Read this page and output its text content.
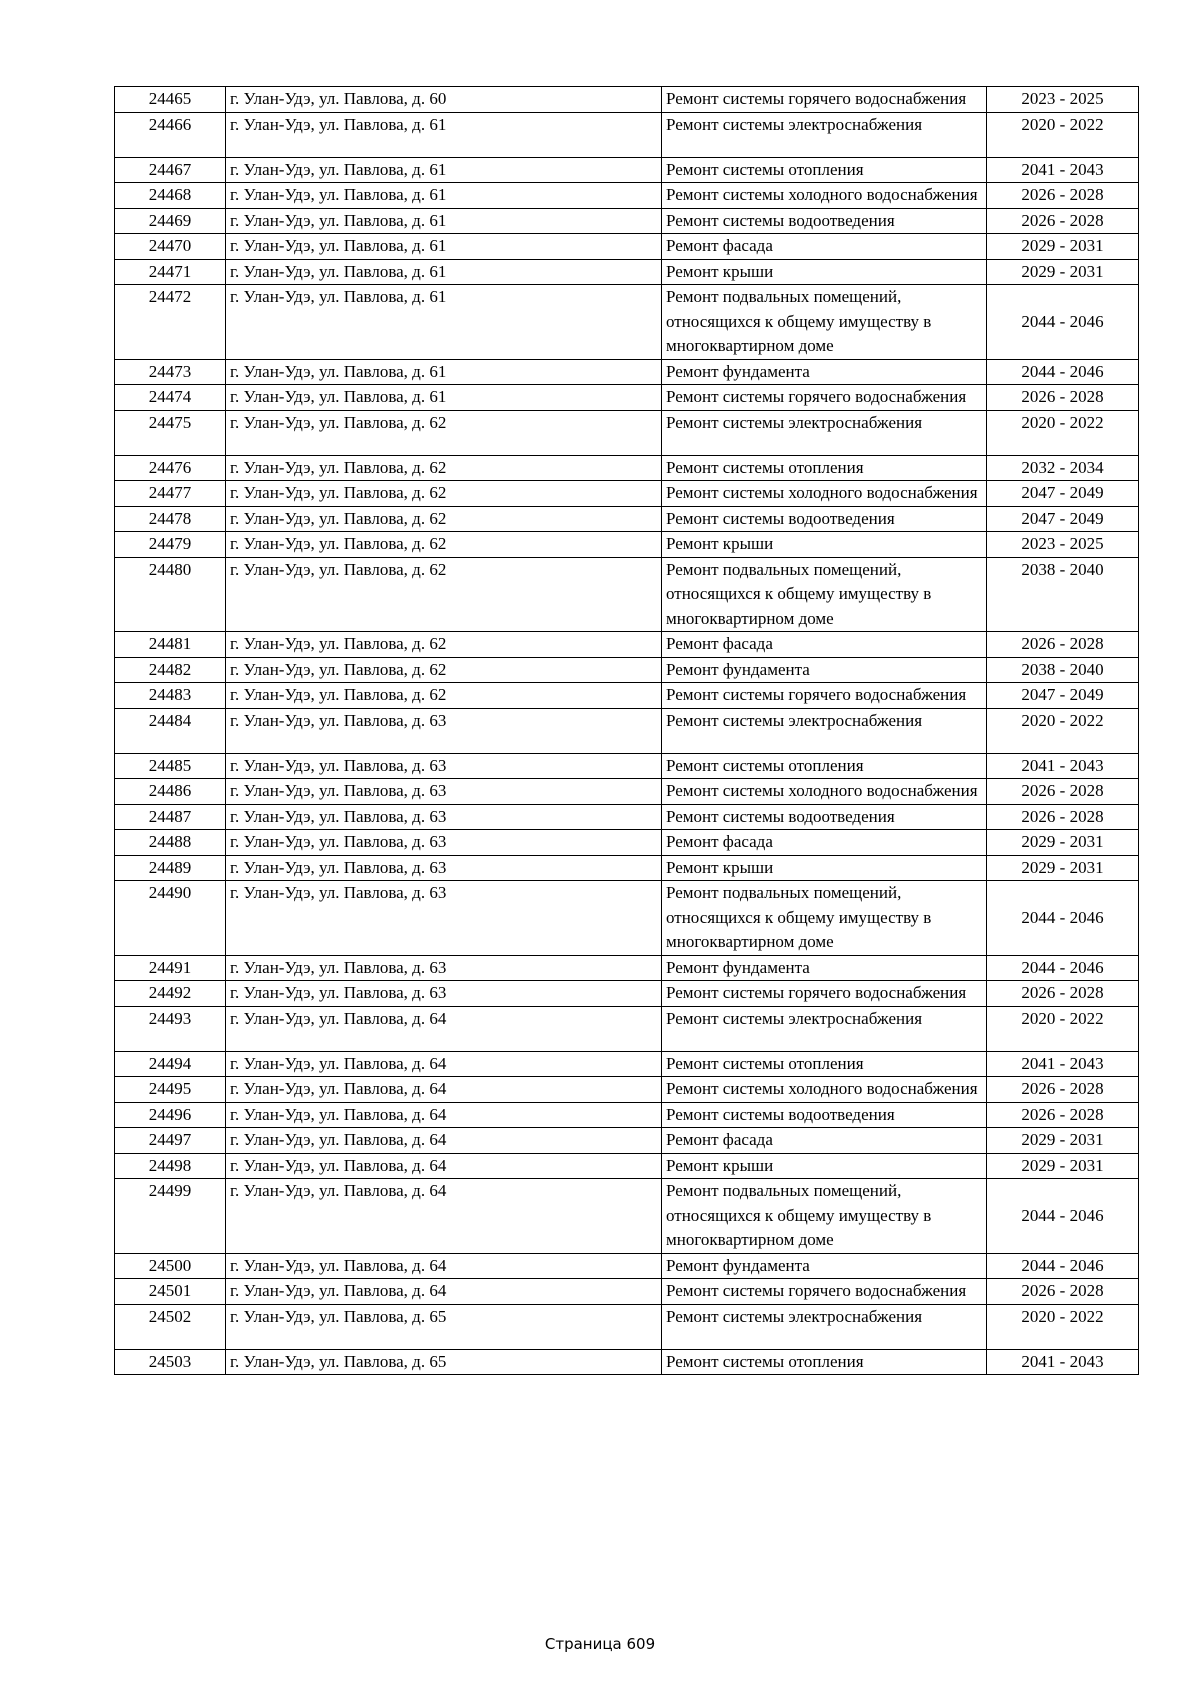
24465	г. Улан-Удэ, ул. Павлова, д. 60	Ремонт системы горячего водоснабжения	2023 - 2025
24466	г. Улан-Удэ, ул. Павлова, д. 61	Ремонт системы электроснабжения	2020 - 2022
24467	г. Улан-Удэ, ул. Павлова, д. 61	Ремонт системы отопления	2041 - 2043
24468	г. Улан-Удэ, ул. Павлова, д. 61	Ремонт системы холодного водоснабжения	2026 - 2028
24469	г. Улан-Удэ, ул. Павлова, д. 61	Ремонт системы водоотведения	2026 - 2028
24470	г. Улан-Удэ, ул. Павлова, д. 61	Ремонт фасада	2029 - 2031
24471	г. Улан-Удэ, ул. Павлова, д. 61	Ремонт крыши	2029 - 2031
24472	г. Улан-Удэ, ул. Павлова, д. 61	Ремонт подвальных помещений, относящихся к общему имуществу в многоквартирном доме	2044 - 2046
24473	г. Улан-Удэ, ул. Павлова, д. 61	Ремонт фундамента	2044 - 2046
24474	г. Улан-Удэ, ул. Павлова, д. 61	Ремонт системы горячего водоснабжения	2026 - 2028
24475	г. Улан-Удэ, ул. Павлова, д. 62	Ремонт системы электроснабжения	2020 - 2022
24476	г. Улан-Удэ, ул. Павлова, д. 62	Ремонт системы отопления	2032 - 2034
24477	г. Улан-Удэ, ул. Павлова, д. 62	Ремонт системы холодного водоснабжения	2047 - 2049
24478	г. Улан-Удэ, ул. Павлова, д. 62	Ремонт системы водоотведения	2047 - 2049
24479	г. Улан-Удэ, ул. Павлова, д. 62	Ремонт крыши	2023 - 2025
24480	г. Улан-Удэ, ул. Павлова, д. 62	Ремонт подвальных помещений, относящихся к общему имуществу в многоквартирном доме	2038 - 2040
24481	г. Улан-Удэ, ул. Павлова, д. 62	Ремонт фасада	2026 - 2028
24482	г. Улан-Удэ, ул. Павлова, д. 62	Ремонт фундамента	2038 - 2040
24483	г. Улан-Удэ, ул. Павлова, д. 62	Ремонт системы горячего водоснабжения	2047 - 2049
24484	г. Улан-Удэ, ул. Павлова, д. 63	Ремонт системы электроснабжения	2020 - 2022
24485	г. Улан-Удэ, ул. Павлова, д. 63	Ремонт системы отопления	2041 - 2043
24486	г. Улан-Удэ, ул. Павлова, д. 63	Ремонт системы холодного водоснабжения	2026 - 2028
24487	г. Улан-Удэ, ул. Павлова, д. 63	Ремонт системы водоотведения	2026 - 2028
24488	г. Улан-Удэ, ул. Павлова, д. 63	Ремонт фасада	2029 - 2031
24489	г. Улан-Удэ, ул. Павлова, д. 63	Ремонт крыши	2029 - 2031
24490	г. Улан-Удэ, ул. Павлова, д. 63	Ремонт подвальных помещений, относящихся к общему имуществу в многоквартирном доме	2044 - 2046
24491	г. Улан-Удэ, ул. Павлова, д. 63	Ремонт фундамента	2044 - 2046
24492	г. Улан-Удэ, ул. Павлова, д. 63	Ремонт системы горячего водоснабжения	2026 - 2028
24493	г. Улан-Удэ, ул. Павлова, д. 64	Ремонт системы электроснабжения	2020 - 2022
24494	г. Улан-Удэ, ул. Павлова, д. 64	Ремонт системы отопления	2041 - 2043
24495	г. Улан-Удэ, ул. Павлова, д. 64	Ремонт системы холодного водоснабжения	2026 - 2028
24496	г. Улан-Удэ, ул. Павлова, д. 64	Ремонт системы водоотведения	2026 - 2028
24497	г. Улан-Удэ, ул. Павлова, д. 64	Ремонт фасада	2029 - 2031
24498	г. Улан-Удэ, ул. Павлова, д. 64	Ремонт крыши	2029 - 2031
24499	г. Улан-Удэ, ул. Павлова, д. 64	Ремонт подвальных помещений, относящихся к общему имуществу в многоквартирном доме	2044 - 2046
24500	г. Улан-Удэ, ул. Павлова, д. 64	Ремонт фундамента	2044 - 2046
24501	г. Улан-Удэ, ул. Павлова, д. 64	Ремонт системы горячего водоснабжения	2026 - 2028
24502	г. Улан-Удэ, ул. Павлова, д. 65	Ремонт системы электроснабжения	2020 - 2022
24503	г. Улан-Удэ, ул. Павлова, д. 65	Ремонт системы отопления	2041 - 2043
Страница 609
